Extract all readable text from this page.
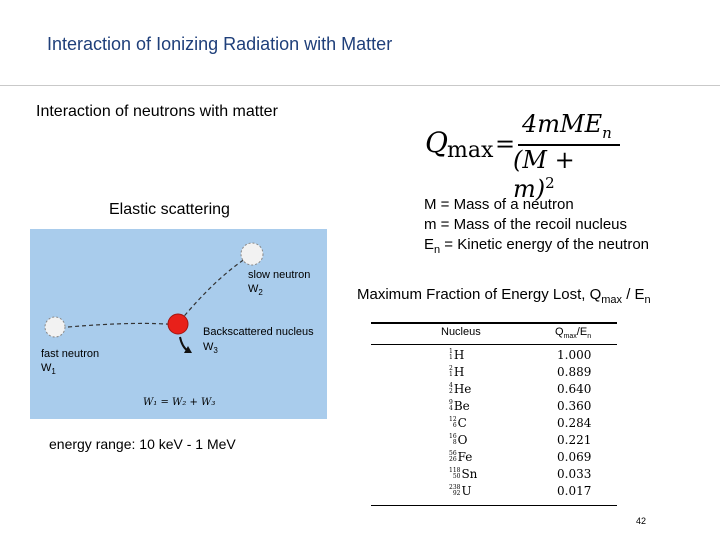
Interaction of Ionizing Radiation with Matter
Interaction of neutrons with matter
Elastic scattering
Q max =
4mME$_n$
$(M + m)^2$
M = Mass of a neutron
m = Mass of the recoil nucleus
$E_n$ = Kinetic energy of the neutron
Maximum Fraction of Energy Lost, $Q_{max} / E_n$
slow neutron
$W_2$
Backscattered nucleus
$W_3$
fast neutron
$W_1$
W₁ = W₂ + W₃
energy range: 10 keV - 1 MeV
Nucleus	$Q_{max}/E_n$
1
1H	1.000
2
1H	0.889
4
2He	0.640
9
4Be	0.360
12
6C	0.284
16
8O	0.221
56
26Fe	0.069
118
50Sn	0.033
238
92U	0.017
42
